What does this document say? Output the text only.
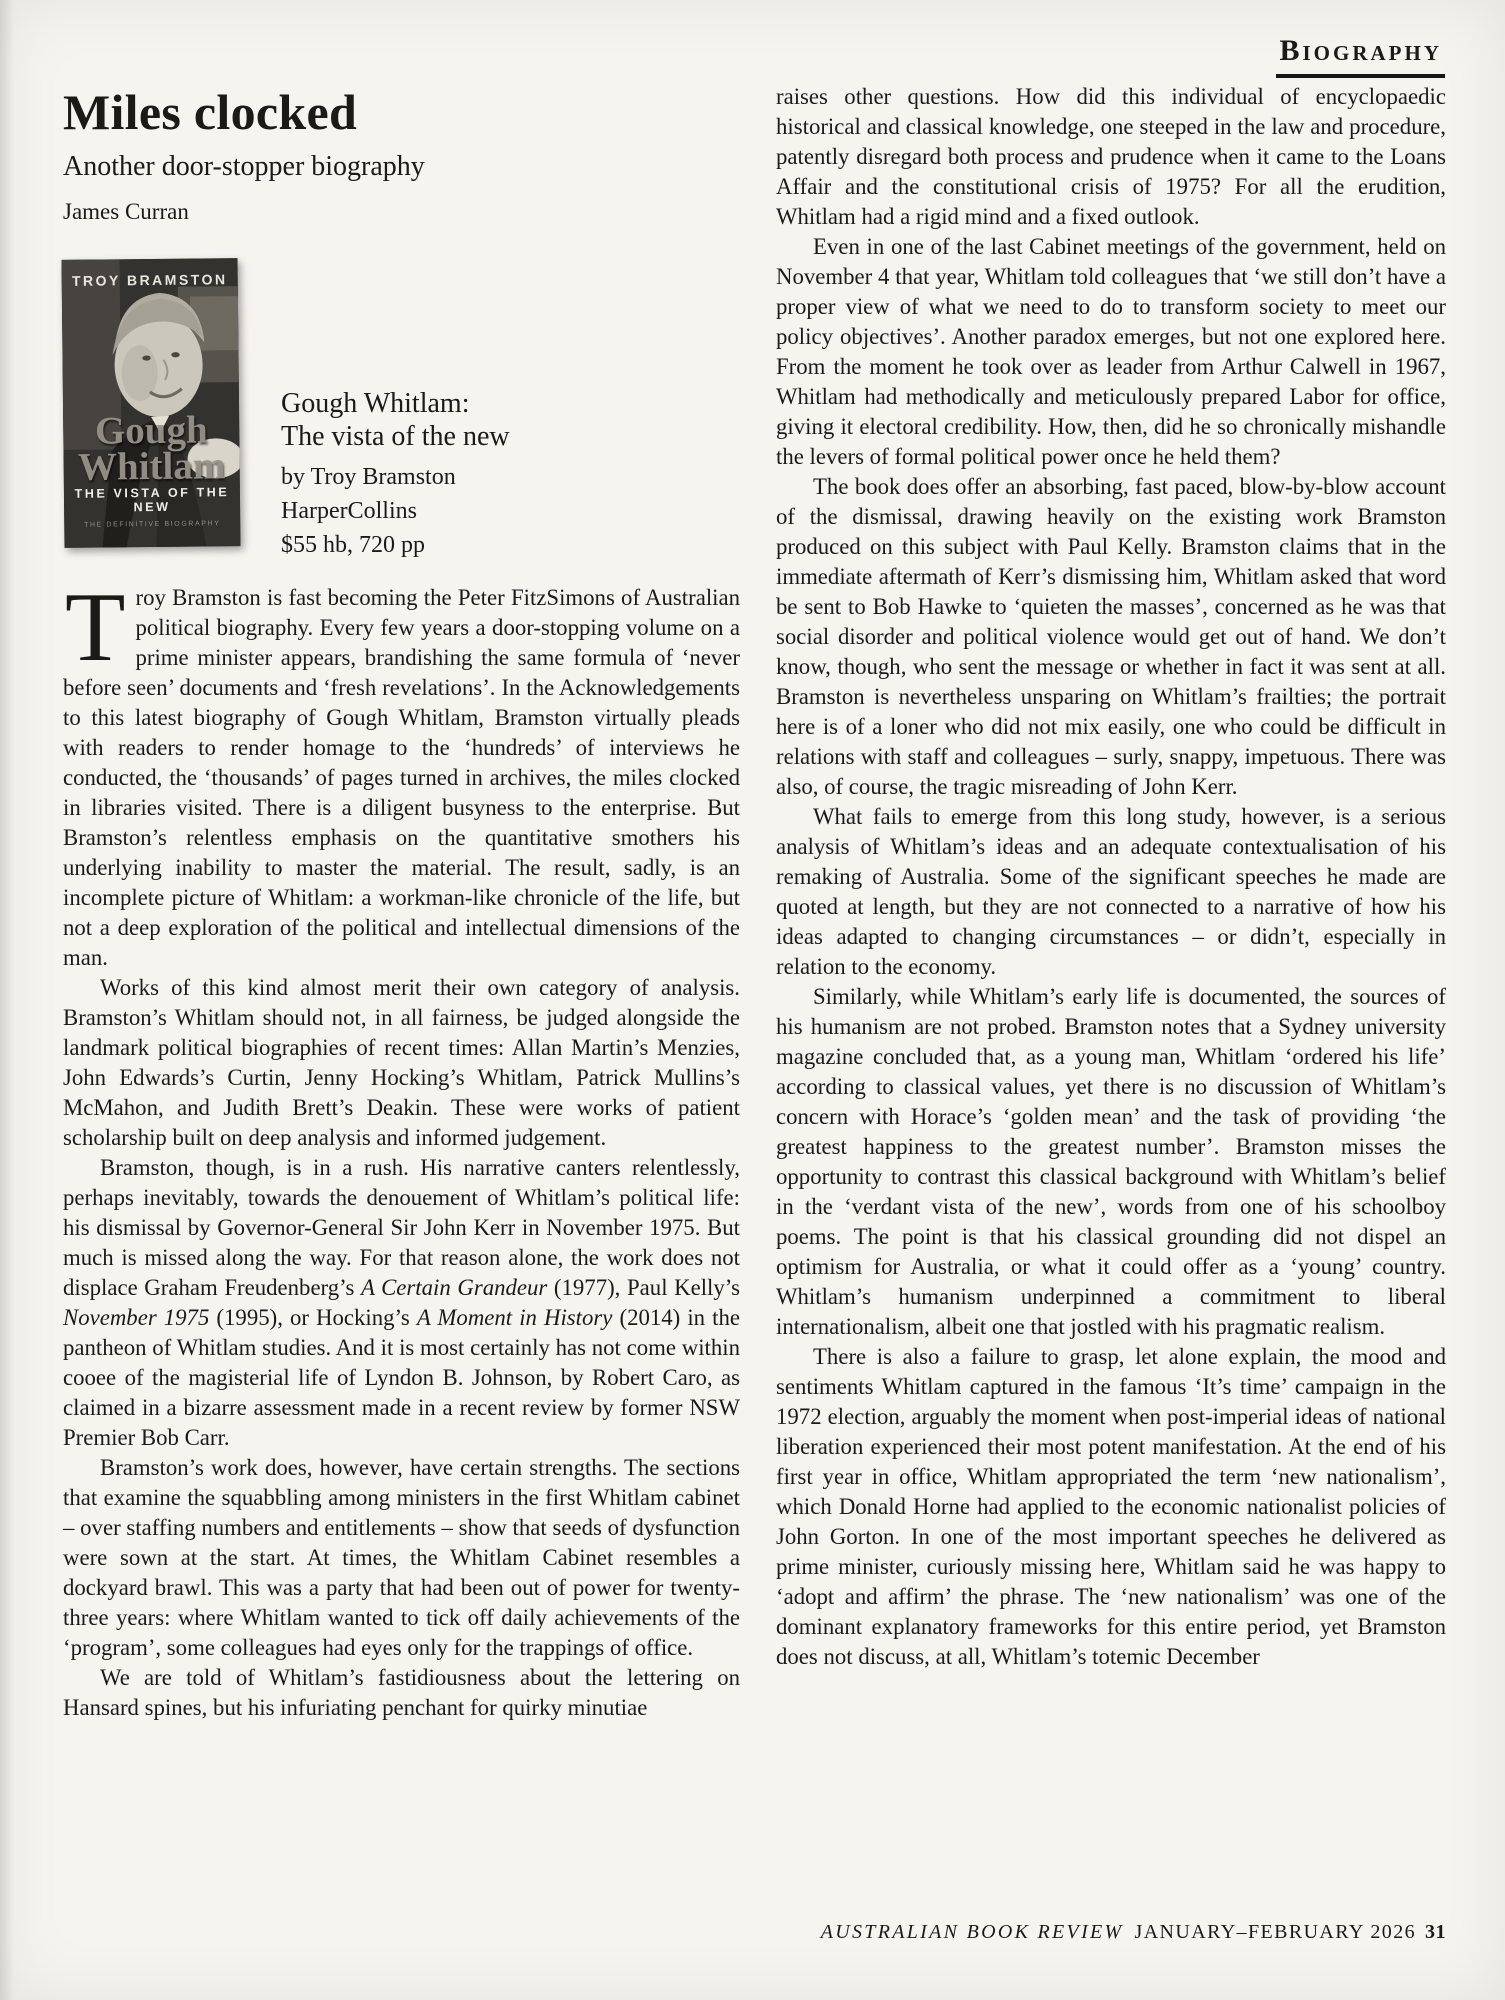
Biography
Miles clocked
Another door-stopper biography
James Curran
TROY BRAMSTON
Gough
Whitlam
THE VISTA OF THE NEW
THE DEFINITIVE BIOGRAPHY
Gough Whitlam:
The vista of the new
by Troy Bramston
HarperCollins
$55 hb, 720 pp

Troy Bramston is fast becoming the Peter FitzSimons of Australian political biography. Every few years a door-stopping volume on a prime minister appears, brandishing the same formula of ‘never before seen’ documents and ‘fresh revelations’. In the Acknowledgements to this latest biography of Gough Whitlam, Bramston virtually pleads with readers to render homage to the ‘hundreds’ of interviews he conducted, the ‘thousands’ of pages turned in archives, the miles clocked in libraries visited. There is a diligent busyness to the enterprise. But Bramston’s relentless emphasis on the quantitative smothers his underlying inability to master the material. The result, sadly, is an incomplete picture of Whitlam: a workman-like chronicle of the life, but not a deep exploration of the political and intellectual dimensions of the man.

Works of this kind almost merit their own category of analysis. Bramston’s Whitlam should not, in all fairness, be judged alongside the landmark political biographies of recent times: Allan Martin’s Menzies, John Edwards’s Curtin, Jenny Hocking’s Whitlam, Patrick Mullins’s McMahon, and Judith Brett’s Deakin. These were works of patient scholarship built on deep analysis and informed judgement.

Bramston, though, is in a rush. His narrative canters relentlessly, perhaps inevitably, towards the denouement of Whitlam’s political life: his dismissal by Governor-General Sir John Kerr in November 1975. But much is missed along the way. For that reason alone, the work does not displace Graham Freudenberg’s A Certain Grandeur (1977), Paul Kelly’s November 1975 (1995), or Hocking’s A Moment in History (2014) in the pantheon of Whitlam studies. And it is most certainly has not come within cooee of the magisterial life of Lyndon B. Johnson, by Robert Caro, as claimed in a bizarre assessment made in a recent review by former NSW Premier Bob Carr.

Bramston’s work does, however, have certain strengths. The sections that examine the squabbling among ministers in the first Whitlam cabinet – over staffing numbers and entitlements – show that seeds of dysfunction were sown at the start. At times, the Whitlam Cabinet resembles a dockyard brawl. This was a party that had been out of power for twenty-three years: where Whitlam wanted to tick off daily achievements of the ‘program’, some colleagues had eyes only for the trappings of office.

We are told of Whitlam’s fastidiousness about the lettering on Hansard spines, but his infuriating penchant for quirky minutiae

raises other questions. How did this individual of encyclopaedic historical and classical knowledge, one steeped in the law and procedure, patently disregard both process and prudence when it came to the Loans Affair and the constitutional crisis of 1975? For all the erudition, Whitlam had a rigid mind and a fixed outlook.

Even in one of the last Cabinet meetings of the government, held on November 4 that year, Whitlam told colleagues that ‘we still don’t have a proper view of what we need to do to transform society to meet our policy objectives’. Another paradox emerges, but not one explored here. From the moment he took over as leader from Arthur Calwell in 1967, Whitlam had methodically and meticulously prepared Labor for office, giving it electoral credibility. How, then, did he so chronically mishandle the levers of formal political power once he held them?

The book does offer an absorbing, fast paced, blow-by-blow account of the dismissal, drawing heavily on the existing work Bramston produced on this subject with Paul Kelly. Bramston claims that in the immediate aftermath of Kerr’s dismissing him, Whitlam asked that word be sent to Bob Hawke to ‘quieten the masses’, concerned as he was that social disorder and political violence would get out of hand. We don’t know, though, who sent the message or whether in fact it was sent at all. Bramston is nevertheless unsparing on Whitlam’s frailties; the portrait here is of a loner who did not mix easily, one who could be difficult in relations with staff and colleagues – surly, snappy, impetuous. There was also, of course, the tragic misreading of John Kerr.

What fails to emerge from this long study, however, is a serious analysis of Whitlam’s ideas and an adequate contextualisation of his remaking of Australia. Some of the significant speeches he made are quoted at length, but they are not connected to a narrative of how his ideas adapted to changing circumstances – or didn’t, especially in relation to the economy.

Similarly, while Whitlam’s early life is documented, the sources of his humanism are not probed. Bramston notes that a Sydney university magazine concluded that, as a young man, Whitlam ‘ordered his life’ according to classical values, yet there is no discussion of Whitlam’s concern with Horace’s ‘golden mean’ and the task of providing ‘the greatest happiness to the greatest number’. Bramston misses the opportunity to contrast this classical background with Whitlam’s belief in the ‘verdant vista of the new’, words from one of his schoolboy poems. The point is that his classical grounding did not dispel an optimism for Australia, or what it could offer as a ‘young’ country. Whitlam’s humanism underpinned a commitment to liberal internationalism, albeit one that jostled with his pragmatic realism.

There is also a failure to grasp, let alone explain, the mood and sentiments Whitlam captured in the famous ‘It’s time’ campaign in the 1972 election, arguably the moment when post-imperial ideas of national liberation experienced their most potent manifestation. At the end of his first year in office, Whitlam appropriated the term ‘new nationalism’, which Donald Horne had applied to the economic nationalist policies of John Gorton. In one of the most important speeches he delivered as prime minister, curiously missing here, Whitlam said he was happy to ‘adopt and affirm’ the phrase. The ‘new nationalism’ was one of the dominant explanatory frameworks for this entire period, yet Bramston does not discuss, at all, Whitlam’s totemic December

AUSTRALIAN BOOK REVIEW JANUARY–FEBRUARY 2026 31
